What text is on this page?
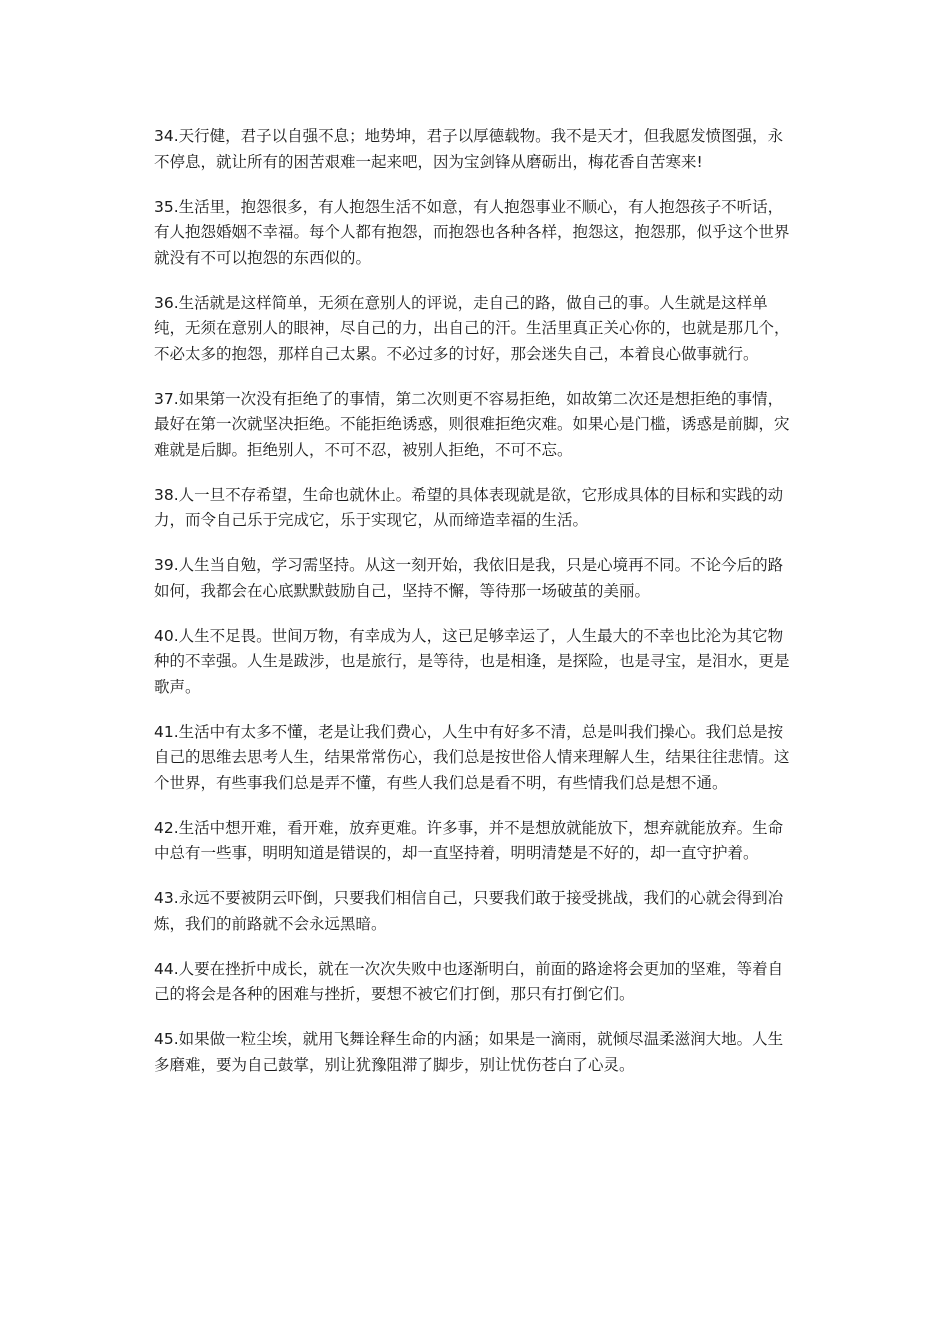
34.天行健，君子以自强不息；地势坤，君子以厚德载物。我不是天才，但我愿发愤图强，永不停息，就让所有的困苦艰难一起来吧，因为宝剑锋从磨砺出，梅花香自苦寒来!

35.生活里，抱怨很多，有人抱怨生活不如意，有人抱怨事业不顺心，有人抱怨孩子不听话，有人抱怨婚姻不幸福。每个人都有抱怨，而抱怨也各种各样，抱怨这，抱怨那，似乎这个世界就没有不可以抱怨的东西似的。

36.生活就是这样简单，无须在意别人的评说，走自己的路，做自己的事。人生就是这样单纯，无须在意别人的眼神，尽自己的力，出自己的汗。生活里真正关心你的，也就是那几个，不必太多的抱怨，那样自己太累。不必过多的讨好，那会迷失自己，本着良心做事就行。

37.如果第一次没有拒绝了的事情，第二次则更不容易拒绝，如故第二次还是想拒绝的事情，最好在第一次就坚决拒绝。不能拒绝诱惑，则很难拒绝灾难。如果心是门槛，诱惑是前脚，灾难就是后脚。拒绝别人，不可不忍，被别人拒绝，不可不忘。

38.人一旦不存希望，生命也就休止。希望的具体表现就是欲，它形成具体的目标和实践的动力，而令自己乐于完成它，乐于实现它，从而缔造幸福的生活。

39.人生当自勉，学习需坚持。从这一刻开始，我依旧是我，只是心境再不同。不论今后的路如何，我都会在心底默默鼓励自己，坚持不懈，等待那一场破茧的美丽。

40.人生不足畏。世间万物，有幸成为人，这已足够幸运了，人生最大的不幸也比沦为其它物种的不幸强。人生是跋涉，也是旅行，是等待，也是相逢，是探险，也是寻宝，是泪水，更是歌声。

41.生活中有太多不懂，老是让我们费心，人生中有好多不清，总是叫我们操心。我们总是按自己的思维去思考人生，结果常常伤心，我们总是按世俗人情来理解人生，结果往往悲情。这个世界，有些事我们总是弄不懂，有些人我们总是看不明，有些情我们总是想不通。

42.生活中想开难，看开难，放弃更难。许多事，并不是想放就能放下，想弃就能放弃。生命中总有一些事，明明知道是错误的，却一直坚持着，明明清楚是不好的，却一直守护着。

43.永远不要被阴云吓倒，只要我们相信自己，只要我们敢于接受挑战，我们的心就会得到冶炼，我们的前路就不会永远黑暗。

44.人要在挫折中成长，就在一次次失败中也逐渐明白，前面的路途将会更加的坚难，等着自己的将会是各种的困难与挫折，要想不被它们打倒，那只有打倒它们。

45.如果做一粒尘埃，就用飞舞诠释生命的内涵；如果是一滴雨，就倾尽温柔滋润大地。人生多磨难，要为自己鼓掌，别让犹豫阻滞了脚步，别让忧伤苍白了心灵。
